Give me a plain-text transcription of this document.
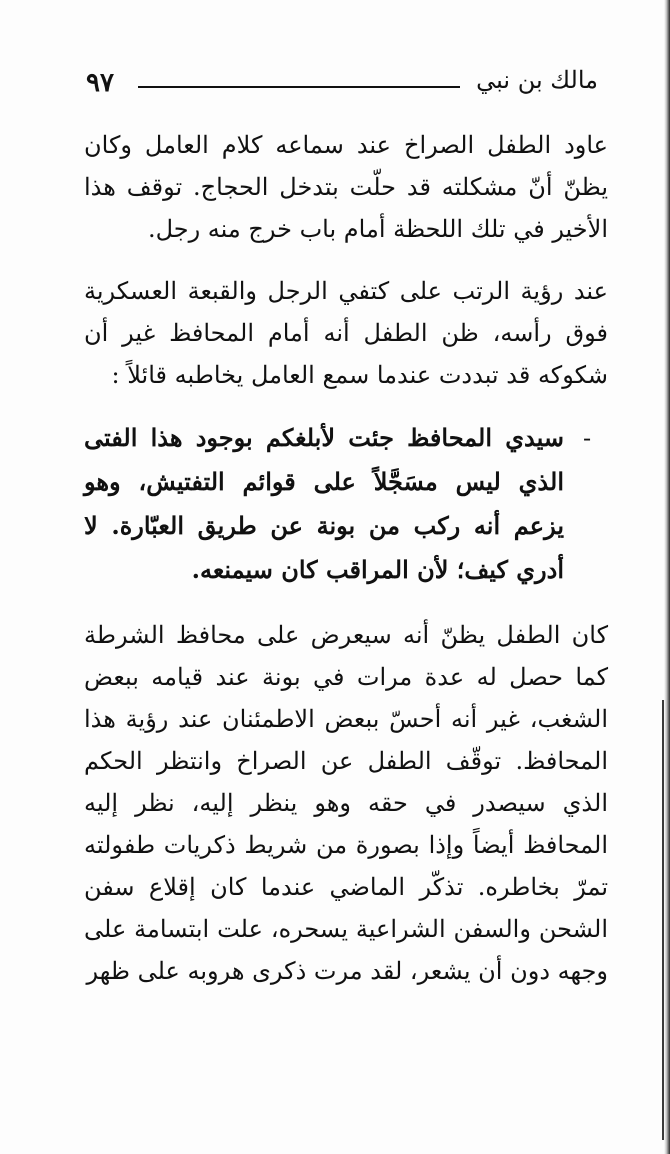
٩٧	مالك بن نبي

عاود الطفل الصراخ عند سماعه كلام العامل وكان يظنّ أنّ مشكلته قد حلّت بتدخل الحجاج. توقف هذا الأخير في تلك اللحظة أمام باب خرج منه رجل.

عند رؤية الرتب على كتفي الرجل والقبعة العسكرية فوق رأسه، ظن الطفل أنه أمام المحافظ غير أن شكوكه قد تبددت عندما سمع العامل يخاطبه قائلاً :

-
سيدي المحافظ جئت لأبلغكم بوجود هذا الفتى الذي ليس مسَجَّلاً على قوائم التفتيش، وهو يزعم أنه ركب من بونة عن طريق العبّارة. لا أدري كيف؛ لأن المراقب كان سيمنعه.

كان الطفل يظنّ أنه سيعرض على محافظ الشرطة كما حصل له عدة مرات في بونة عند قيامه ببعض الشغب، غير أنه أحسّ ببعض الاطمئنان عند رؤية هذا المحافظ. توقّف الطفل عن الصراخ وانتظر الحكم الذي سيصدر في حقه وهو ينظر إليه، نظر إليه المحافظ أيضاً وإذا بصورة من شريط ذكريات طفولته تمرّ بخاطره. تذكّر الماضي عندما كان إقلاع سفن الشحن والسفن الشراعية يسحره، علت ابتسامة على وجهه دون أن يشعر، لقد مرت ذكرى هروبه على ظهر
